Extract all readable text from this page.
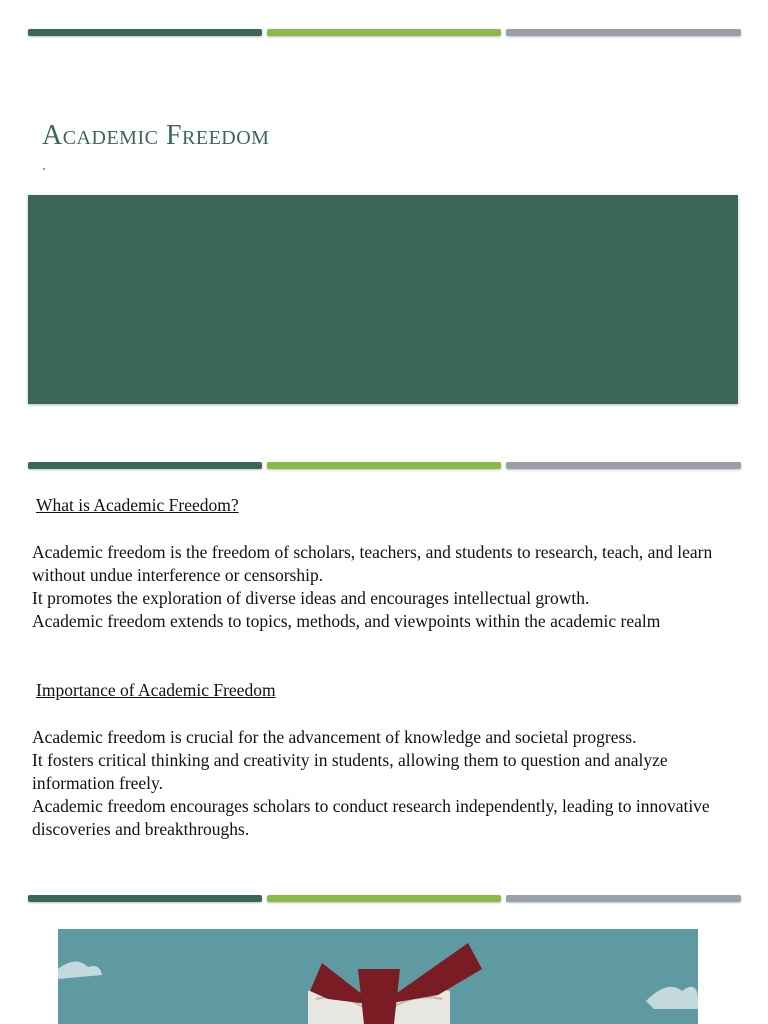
Academic Freedom
What is Academic Freedom?

Academic freedom is the freedom of scholars, teachers, and students to research, teach, and learn without undue interference or censorship.

It promotes the exploration of diverse ideas and encourages intellectual growth.

Academic freedom extends to topics, methods, and viewpoints within the academic realm

Importance of Academic Freedom

Academic freedom is crucial for the advancement of knowledge and societal progress.

It fosters critical thinking and creativity in students, allowing them to question and analyze information freely.

Academic freedom encourages scholars to conduct research independently, leading to innovative discoveries and breakthroughs.
